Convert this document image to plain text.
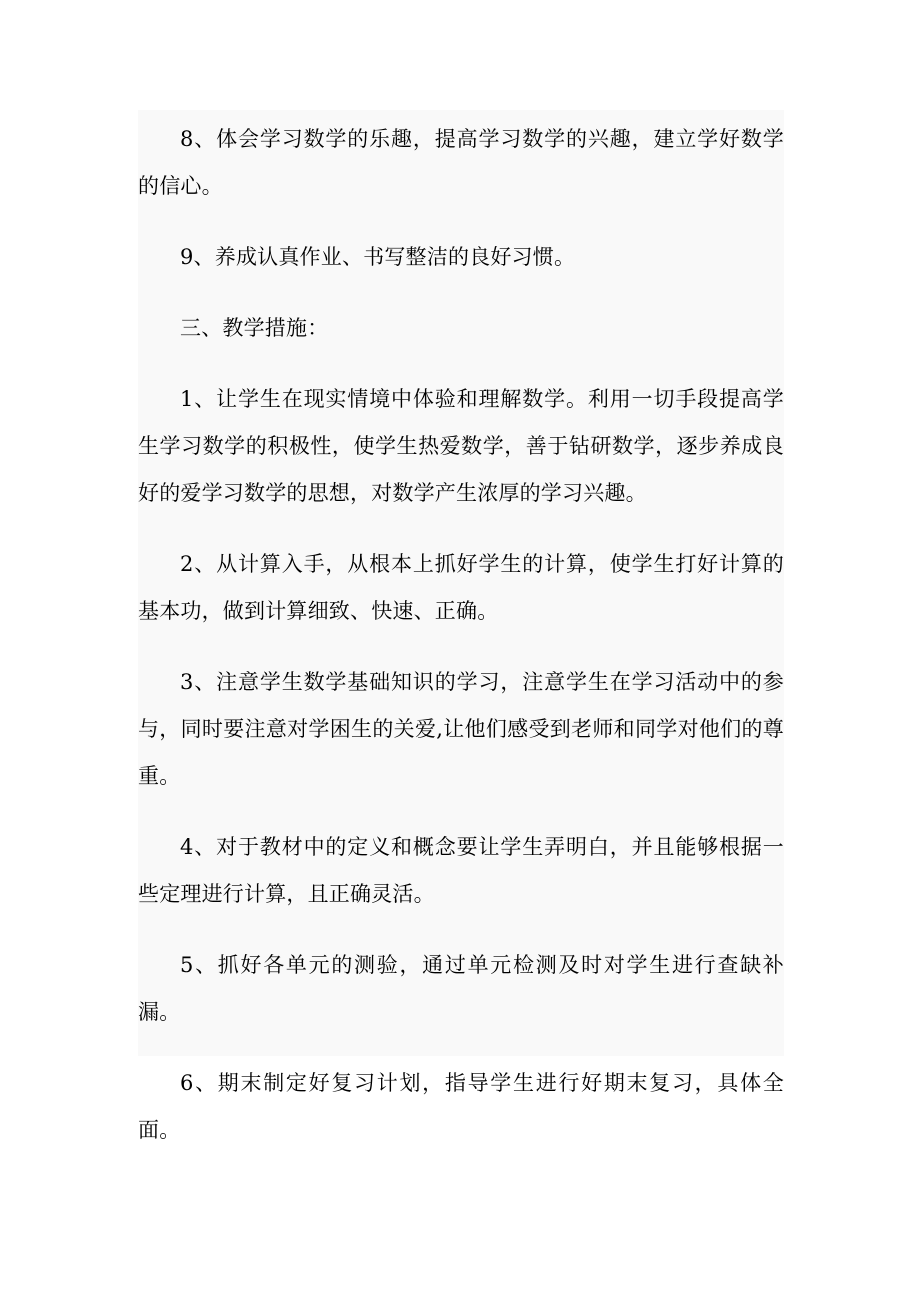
8、体会学习数学的乐趣，提高学习数学的兴趣，建立学好数学的信心。

9、养成认真作业、书写整洁的良好习惯。

三、教学措施：

1、让学生在现实情境中体验和理解数学。利用一切手段提高学生学习数学的积极性，使学生热爱数学，善于钻研数学，逐步养成良好的爱学习数学的思想，对数学产生浓厚的学习兴趣。

2、从计算入手，从根本上抓好学生的计算，使学生打好计算的基本功，做到计算细致、快速、正确。

3、注意学生数学基础知识的学习，注意学生在学习活动中的参与，同时要注意对学困生的关爱,让他们感受到老师和同学对他们的尊重。

4、对于教材中的定义和概念要让学生弄明白，并且能够根据一些定理进行计算，且正确灵活。

5、抓好各单元的测验，通过单元检测及时对学生进行查缺补漏。

6、期末制定好复习计划，指导学生进行好期末复习，具体全面。
